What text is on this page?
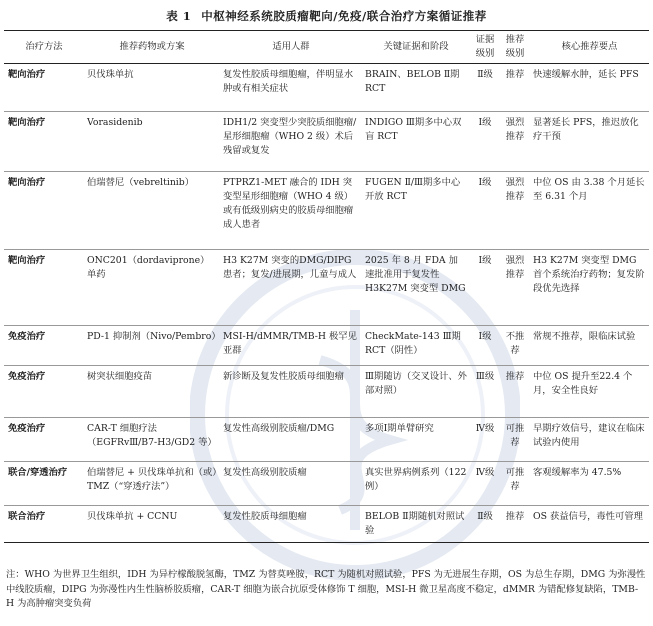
表 1 中枢神经系统胶质瘤靶向/免疫/联合治疗方案循证推荐
治疗方法	推荐药物或方案	适用人群	关键证据和阶段	证据级别	推荐级别	核心推荐要点
靶向治疗	贝伐珠单抗	复发性胶质母细胞瘤，伴明显水肿或有相关症状	BRAIN、BELOB Ⅱ期 RCT	Ⅱ级	推荐	快速缓解水肿，延长 PFS
靶向治疗	Vorasidenib	IDH1/2 突变型少突胶质细胞瘤/星形细胞瘤（WHO 2 级）术后残留或复发	INDIGO Ⅲ期多中心双盲 RCT	Ⅰ级	强烈推荐	显著延长 PFS，推迟放化疗干预
靶向治疗	伯瑞替尼（vebreltinib）	PTPRZ1-MET 融合的 IDH 突变型星形细胞瘤（WHO 4 级）或有低级别病史的胶质母细胞瘤成人患者	FUGEN Ⅱ/Ⅲ期多中心开放 RCT	Ⅰ级	强烈推荐	中位 OS 由 3.38 个月延长至 6.31 个月
靶向治疗	ONC201（dordaviprone）单药	H3 K27M 突变的DMG/DIPG 患者；复发/进展期，儿童与成人	2025 年 8 月 FDA 加速批准用于复发性 H3K27M 突变型 DMG	Ⅰ级	强烈推荐	H3 K27M 突变型 DMG 首个系统治疗药物；复发阶段优先选择
免疫治疗	PD-1 抑制剂（Nivo/Pembro）	MSI-H/dMMR/TMB-H 极罕见亚群	CheckMate-143 Ⅲ期 RCT（阴性）	Ⅰ级	不推荐	常规不推荐，限临床试验
免疫治疗	树突状细胞疫苗	新诊断及复发性胶质母细胞瘤	Ⅲ期随访（交叉设计、外部对照）	Ⅲ级	推荐	中位 OS 提升至22.4 个月，安全性良好
免疫治疗	CAR-T 细胞疗法（EGFRvⅢ/B7-H3/GD2 等）	复发性高级别胶质瘤/DMG	多项Ⅰ期单臂研究	Ⅳ级	可推荐	早期疗效信号，建议在临床试验内使用
联合/穿透治疗	伯瑞替尼 + 贝伐珠单抗和（或）TMZ（“穿透疗法”）	复发性高级别胶质瘤	真实世界病例系列（122 例）	Ⅳ级	可推荐	客观缓解率为 47.5%
联合治疗	贝伐珠单抗 + CCNU	复发性胶质母细胞瘤	BELOB Ⅱ期随机对照试验	Ⅱ级	推荐	OS 获益信号，毒性可管理
注：WHO 为世界卫生组织，IDH 为异柠檬酸脱氢酶，TMZ 为替莫唑胺，RCT 为随机对照试验，PFS 为无进展生存期，OS 为总生存期，DMG 为弥漫性中线胶质瘤，DIPG 为弥漫性内生性脑桥胶质瘤，CAR-T 细胞为嵌合抗原受体修饰 T 细胞，MSI-H 微卫星高度不稳定，dMMR 为错配修复缺陷，TMB-H 为高肿瘤突变负荷
